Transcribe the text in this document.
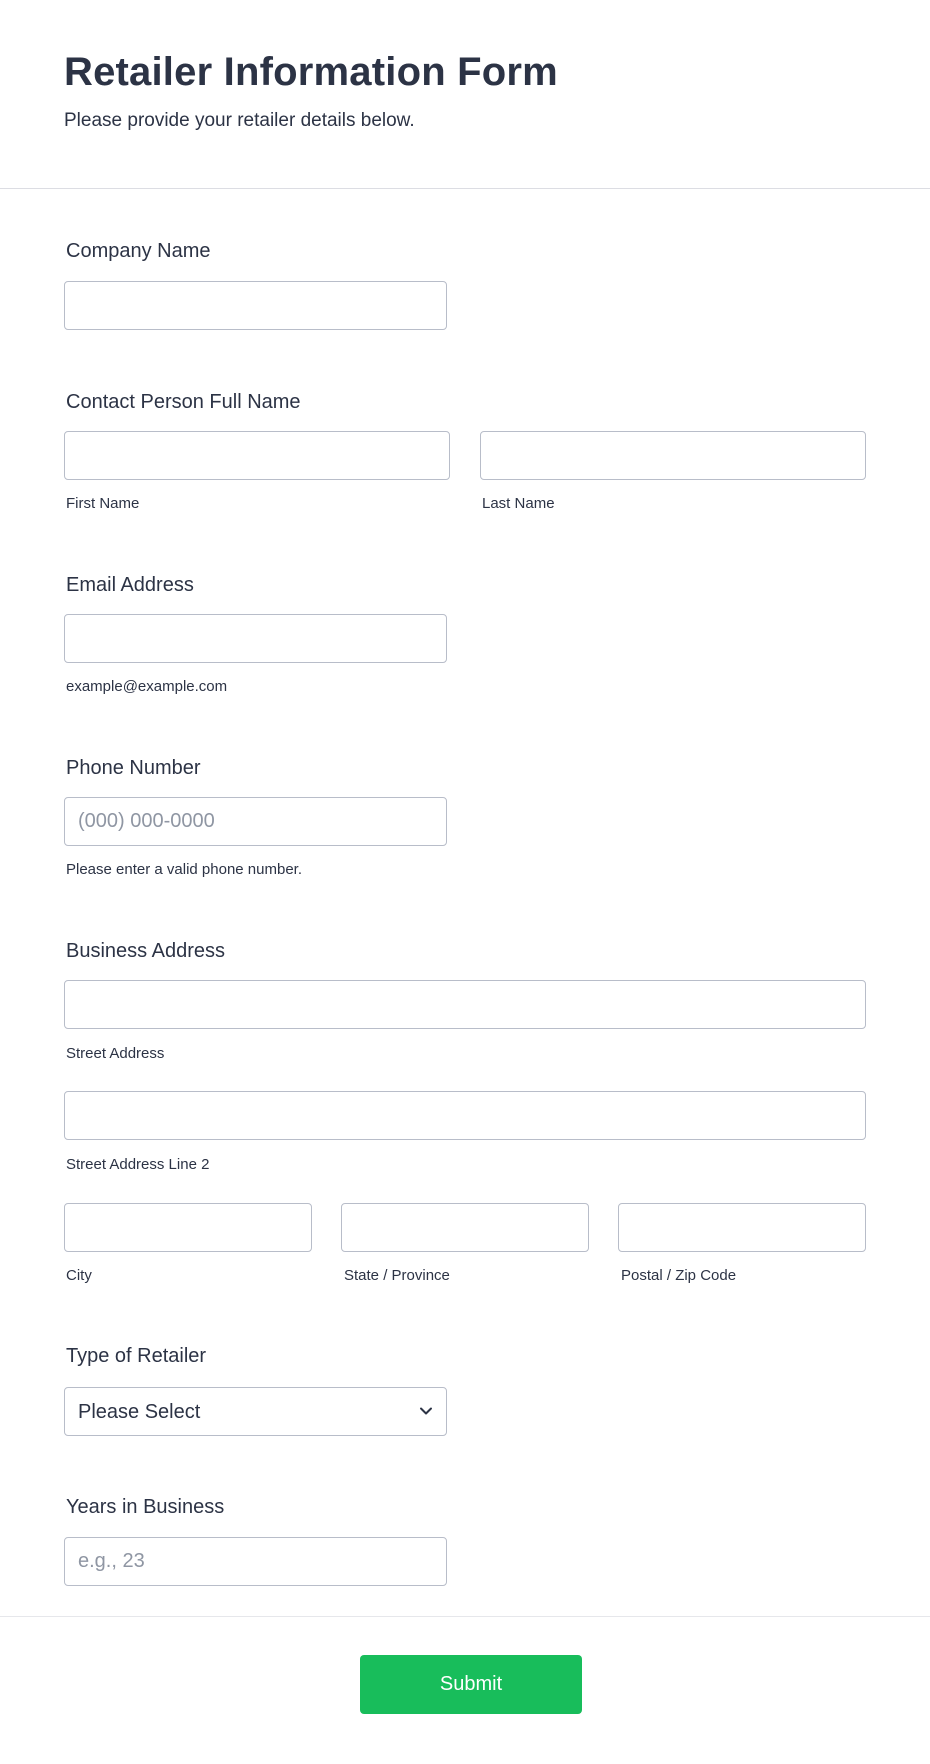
Retailer Information Form

Please provide your retailer details below.

Company Name
Contact Person Full Name
First Name	Last Name
Email Address
example@example.com
Phone Number
(000) 000-0000
Please enter a valid phone number.
Business Address
Street Address
Street Address Line 2
City	State / Province	Postal / Zip Code
Type of Retailer
Please Select
Years in Business
e.g., 23
Submit
